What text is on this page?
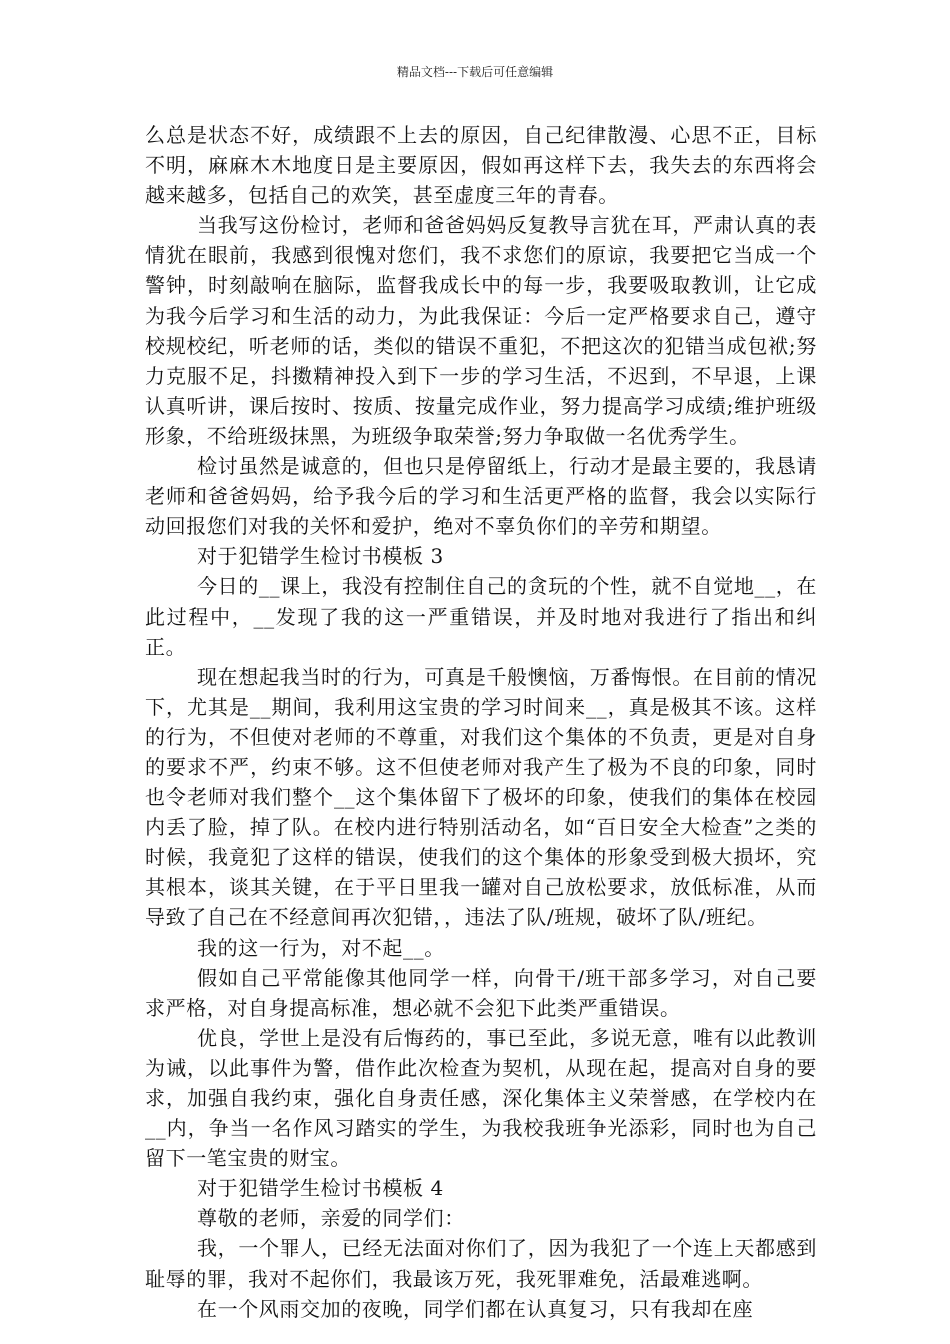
精品文档---下载后可任意编辑

么总是状态不好，成绩跟不上去的原因，自己纪律散漫、心思不正，目标不明，麻麻木木地度日是主要原因，假如再这样下去，我失去的东西将会越来越多，包括自己的欢笑，甚至虚度三年的青春。

当我写这份检讨，老师和爸爸妈妈反复教导言犹在耳，严肃认真的表情犹在眼前，我感到很愧对您们，我不求您们的原谅，我要把它当成一个警钟，时刻敲响在脑际，监督我成长中的每一步，我要吸取教训，让它成为我今后学习和生活的动力，为此我保证：今后一定严格要求自己，遵守校规校纪，听老师的话，类似的错误不重犯，不把这次的犯错当成包袱;努力克服不足，抖擞精神投入到下一步的学习生活，不迟到，不早退，上课认真听讲，课后按时、按质、按量完成作业，努力提高学习成绩;维护班级形象，不给班级抹黑，为班级争取荣誉;努力争取做一名优秀学生。

检讨虽然是诚意的，但也只是停留纸上，行动才是最主要的，我恳请老师和爸爸妈妈，给予我今后的学习和生活更严格的监督，我会以实际行动回报您们对我的关怀和爱护，绝对不辜负你们的辛劳和期望。

对于犯错学生检讨书模板 3

今日的__课上，我没有控制住自己的贪玩的个性，就不自觉地__，在此过程中，__发现了我的这一严重错误，并及时地对我进行了指出和纠正。

现在想起我当时的行为，可真是千般懊恼，万番悔恨。在目前的情况下，尤其是__期间，我利用这宝贵的学习时间来__，真是极其不该。这样的行为，不但使对老师的不尊重，对我们这个集体的不负责，更是对自身的要求不严，约束不够。这不但使老师对我产生了极为不良的印象，同时也令老师对我们整个__这个集体留下了极坏的印象，使我们的集体在校园内丢了脸，掉了队。在校内进行特别活动名，如“百日安全大检查”之类的时候，我竟犯了这样的错误，使我们的这个集体的形象受到极大损坏，究其根本，谈其关键，在于平日里我一罐对自己放松要求，放低标准，从而导致了自己在不经意间再次犯错，，违法了队/班规，破坏了队/班纪。

我的这一行为，对不起__。

假如自己平常能像其他同学一样，向骨干/班干部多学习，对自己要求严格，对自身提高标准，想必就不会犯下此类严重错误。

优良，学世上是没有后悔药的，事已至此，多说无意，唯有以此教训为诫，以此事件为警，借作此次检查为契机，从现在起，提高对自身的要求，加强自我约束，强化自身责任感，深化集体主义荣誉感，在学校内在__内，争当一名作风习踏实的学生，为我校我班争光添彩，同时也为自己留下一笔宝贵的财宝。

对于犯错学生检讨书模板 4

尊敬的老师，亲爱的同学们：

我，一个罪人，已经无法面对你们了，因为我犯了一个连上天都感到耻辱的罪，我对不起你们，我最该万死，我死罪难免，活最难逃啊。

在一个风雨交加的夜晚，同学们都在认真复习，只有我却在座
